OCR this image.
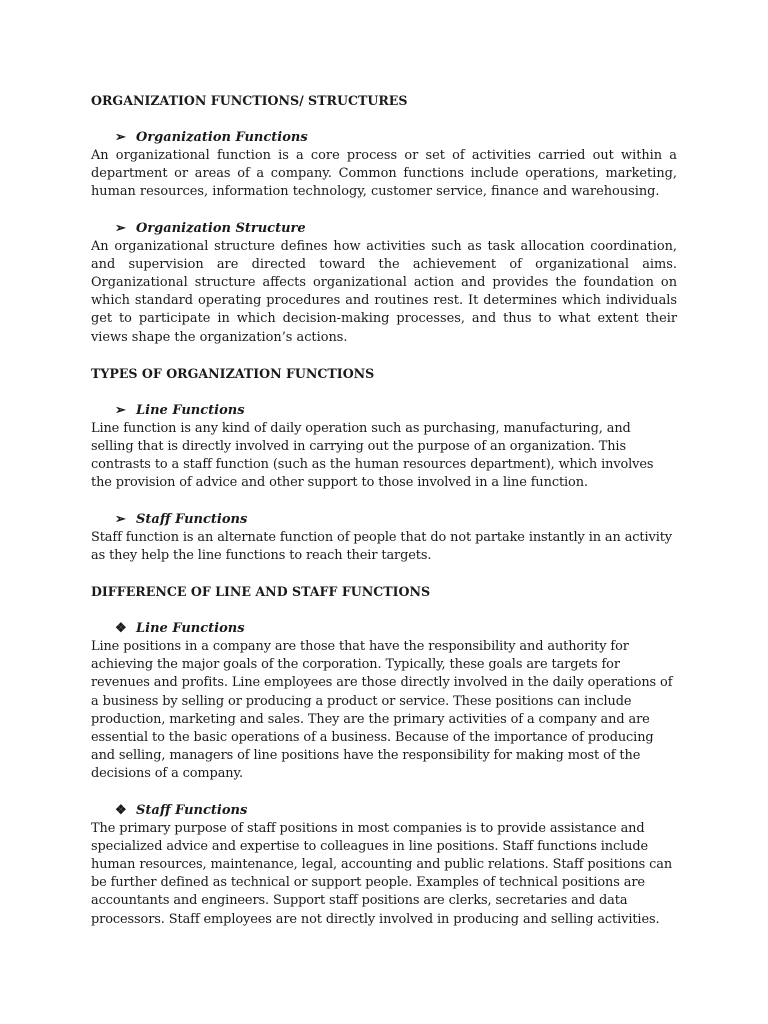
ORGANIZATION FUNCTIONS/ STRUCTURES
➢ Organization Functions

An organizational function is a core process or set of activities carried out within a department or areas of a company. Common functions include operations, marketing, human resources, information technology, customer service, finance and warehousing.

➢ Organization Structure

An organizational structure defines how activities such as task allocation coordination, and supervision are directed toward the achievement of organizational aims. Organizational structure affects organizational action and provides the foundation on which standard operating procedures and routines rest. It determines which individuals get to participate in which decision-making processes, and thus to what extent their views shape the organization’s actions.

TYPES OF ORGANIZATION FUNCTIONS
➢ Line Functions

Line function is any kind of daily operation such as purchasing, manufacturing, and selling that is directly involved in carrying out the purpose of an organization. This contrasts to a staff function (such as the human resources department), which involves the provision of advice and other support to those involved in a line function.

➢ Staff Functions

Staff function is an alternate function of people that do not partake instantly in an activity as they help the line functions to reach their targets.

DIFFERENCE OF LINE AND STAFF FUNCTIONS
❖ Line Functions

Line positions in a company are those that have the responsibility and authority for achieving the major goals of the corporation. Typically, these goals are targets for revenues and profits. Line employees are those directly involved in the daily operations of a business by selling or producing a product or service. These positions can include production, marketing and sales. They are the primary activities of a company and are essential to the basic operations of a business. Because of the importance of producing and selling, managers of line positions have the responsibility for making most of the decisions of a company.

❖ Staff Functions

The primary purpose of staff positions in most companies is to provide assistance and specialized advice and expertise to colleagues in line positions. Staff functions include human resources, maintenance, legal, accounting and public relations. Staff positions can be further defined as technical or support people. Examples of technical positions are accountants and engineers. Support staff positions are clerks, secretaries and data processors. Staff employees are not directly involved in producing and selling activities.
